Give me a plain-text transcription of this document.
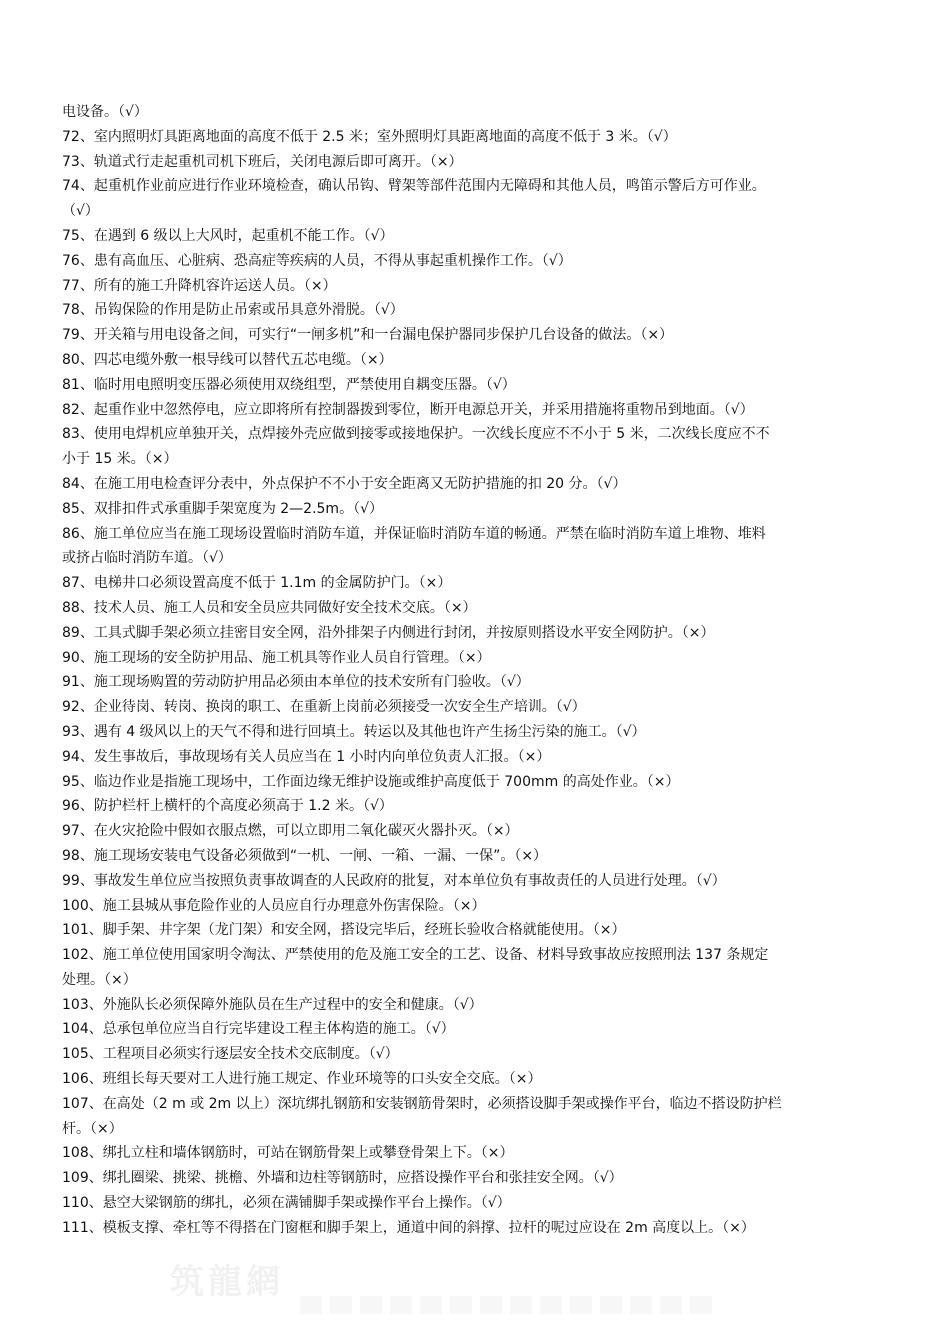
电设备。（√）
72、室内照明灯具距离地面的高度不低于 2.5 米；室外照明灯具距离地面的高度不低于 3 米。（√）
73、轨道式行走起重机司机下班后，关闭电源后即可离开。（×）
74、起重机作业前应进行作业环境检查，确认吊钩、臂架等部件范围内无障碍和其他人员，鸣笛示警后方可作业。
（√）
75、在遇到 6 级以上大风时，起重机不能工作。（√）
76、患有高血压、心脏病、恐高症等疾病的人员，不得从事起重机操作工作。（√）
77、所有的施工升降机容许运送人员。（×）
78、吊钩保险的作用是防止吊索或吊具意外滑脱。（√）
79、开关箱与用电设备之间，可实行“一闸多机”和一台漏电保护器同步保护几台设备的做法。（×）
80、四芯电缆外敷一根导线可以替代五芯电缆。（×）
81、临时用电照明变压器必须使用双绕组型，严禁使用自耦变压器。（√）
82、起重作业中忽然停电，应立即将所有控制器拨到零位，断开电源总开关，并采用措施将重物吊到地面。（√）
83、使用电焊机应单独开关，点焊接外壳应做到接零或接地保护。一次线长度应不不小于 5 米，二次线长度应不不
小于 15 米。（×）
84、在施工用电检查评分表中，外点保护不不小于安全距离又无防护措施的扣 20 分。（√）
85、双排扣件式承重脚手架宽度为 2—2.5m。（√）
86、施工单位应当在施工现场设置临时消防车道，并保证临时消防车道的畅通。严禁在临时消防车道上堆物、堆料
或挤占临时消防车道。（√）
87、电梯井口必须设置高度不低于 1.1m 的金属防护门。（×）
88、技术人员、施工人员和安全员应共同做好安全技术交底。（×）
89、工具式脚手架必须立挂密目安全网，沿外排架子内侧进行封闭，并按原则搭设水平安全网防护。（×）
90、施工现场的安全防护用品、施工机具等作业人员自行管理。（×）
91、施工现场购置的劳动防护用品必须由本单位的技术安所有门验收。（√）
92、企业待岗、转岗、换岗的职工、在重新上岗前必须接受一次安全生产培训。（√）
93、遇有 4 级风以上的天气不得和进行回填土。转运以及其他也许产生扬尘污染的施工。（√）
94、发生事故后，事故现场有关人员应当在 1 小时内向单位负责人汇报。（×）
95、临边作业是指施工现场中，工作面边缘无维护设施或维护高度低于 700mm 的高处作业。（×）
96、防护栏杆上横杆的个高度必须高于 1.2 米。（√）
97、在火灾抢险中假如衣服点燃，可以立即用二氧化碳灭火器扑灭。（×）
98、施工现场安装电气设备必须做到“一机、一闸、一箱、一漏、一保”。（×）
99、事故发生单位应当按照负责事故调查的人民政府的批复，对本单位负有事故责任的人员进行处理。（√）
100、施工县城从事危险作业的人员应自行办理意外伤害保险。（×）
101、脚手架、井字架（龙门架）和安全网，搭设完毕后，经班长验收合格就能使用。（×）
102、施工单位使用国家明令淘汰、严禁使用的危及施工安全的工艺、设备、材料导致事故应按照刑法 137 条规定
处理。（×）
103、外施队长必须保障外施队员在生产过程中的安全和健康。（√）
104、总承包单位应当自行完毕建设工程主体构造的施工。（√）
105、工程项目必须实行逐层安全技术交底制度。（√）
106、班组长每天要对工人进行施工规定、作业环境等的口头安全交底。（×）
107、在高处（2 m 或 2m 以上）深坑绑扎钢筋和安装钢筋骨架时，必须搭设脚手架或操作平台，临边不搭设防护栏
杆。（×）
108、绑扎立柱和墙体钢筋时，可站在钢筋骨架上或攀登骨架上下。（×）
109、绑扎圈梁、挑梁、挑檐、外墙和边柱等钢筋时，应搭设操作平台和张挂安全网。（√）
110、悬空大梁钢筋的绑扎，必须在满铺脚手架或操作平台上操作。（√）
111、模板支撑、牵杠等不得搭在门窗框和脚手架上，通道中间的斜撑、拉杆的呢过应设在 2m 高度以上。（×）
筑龍網
